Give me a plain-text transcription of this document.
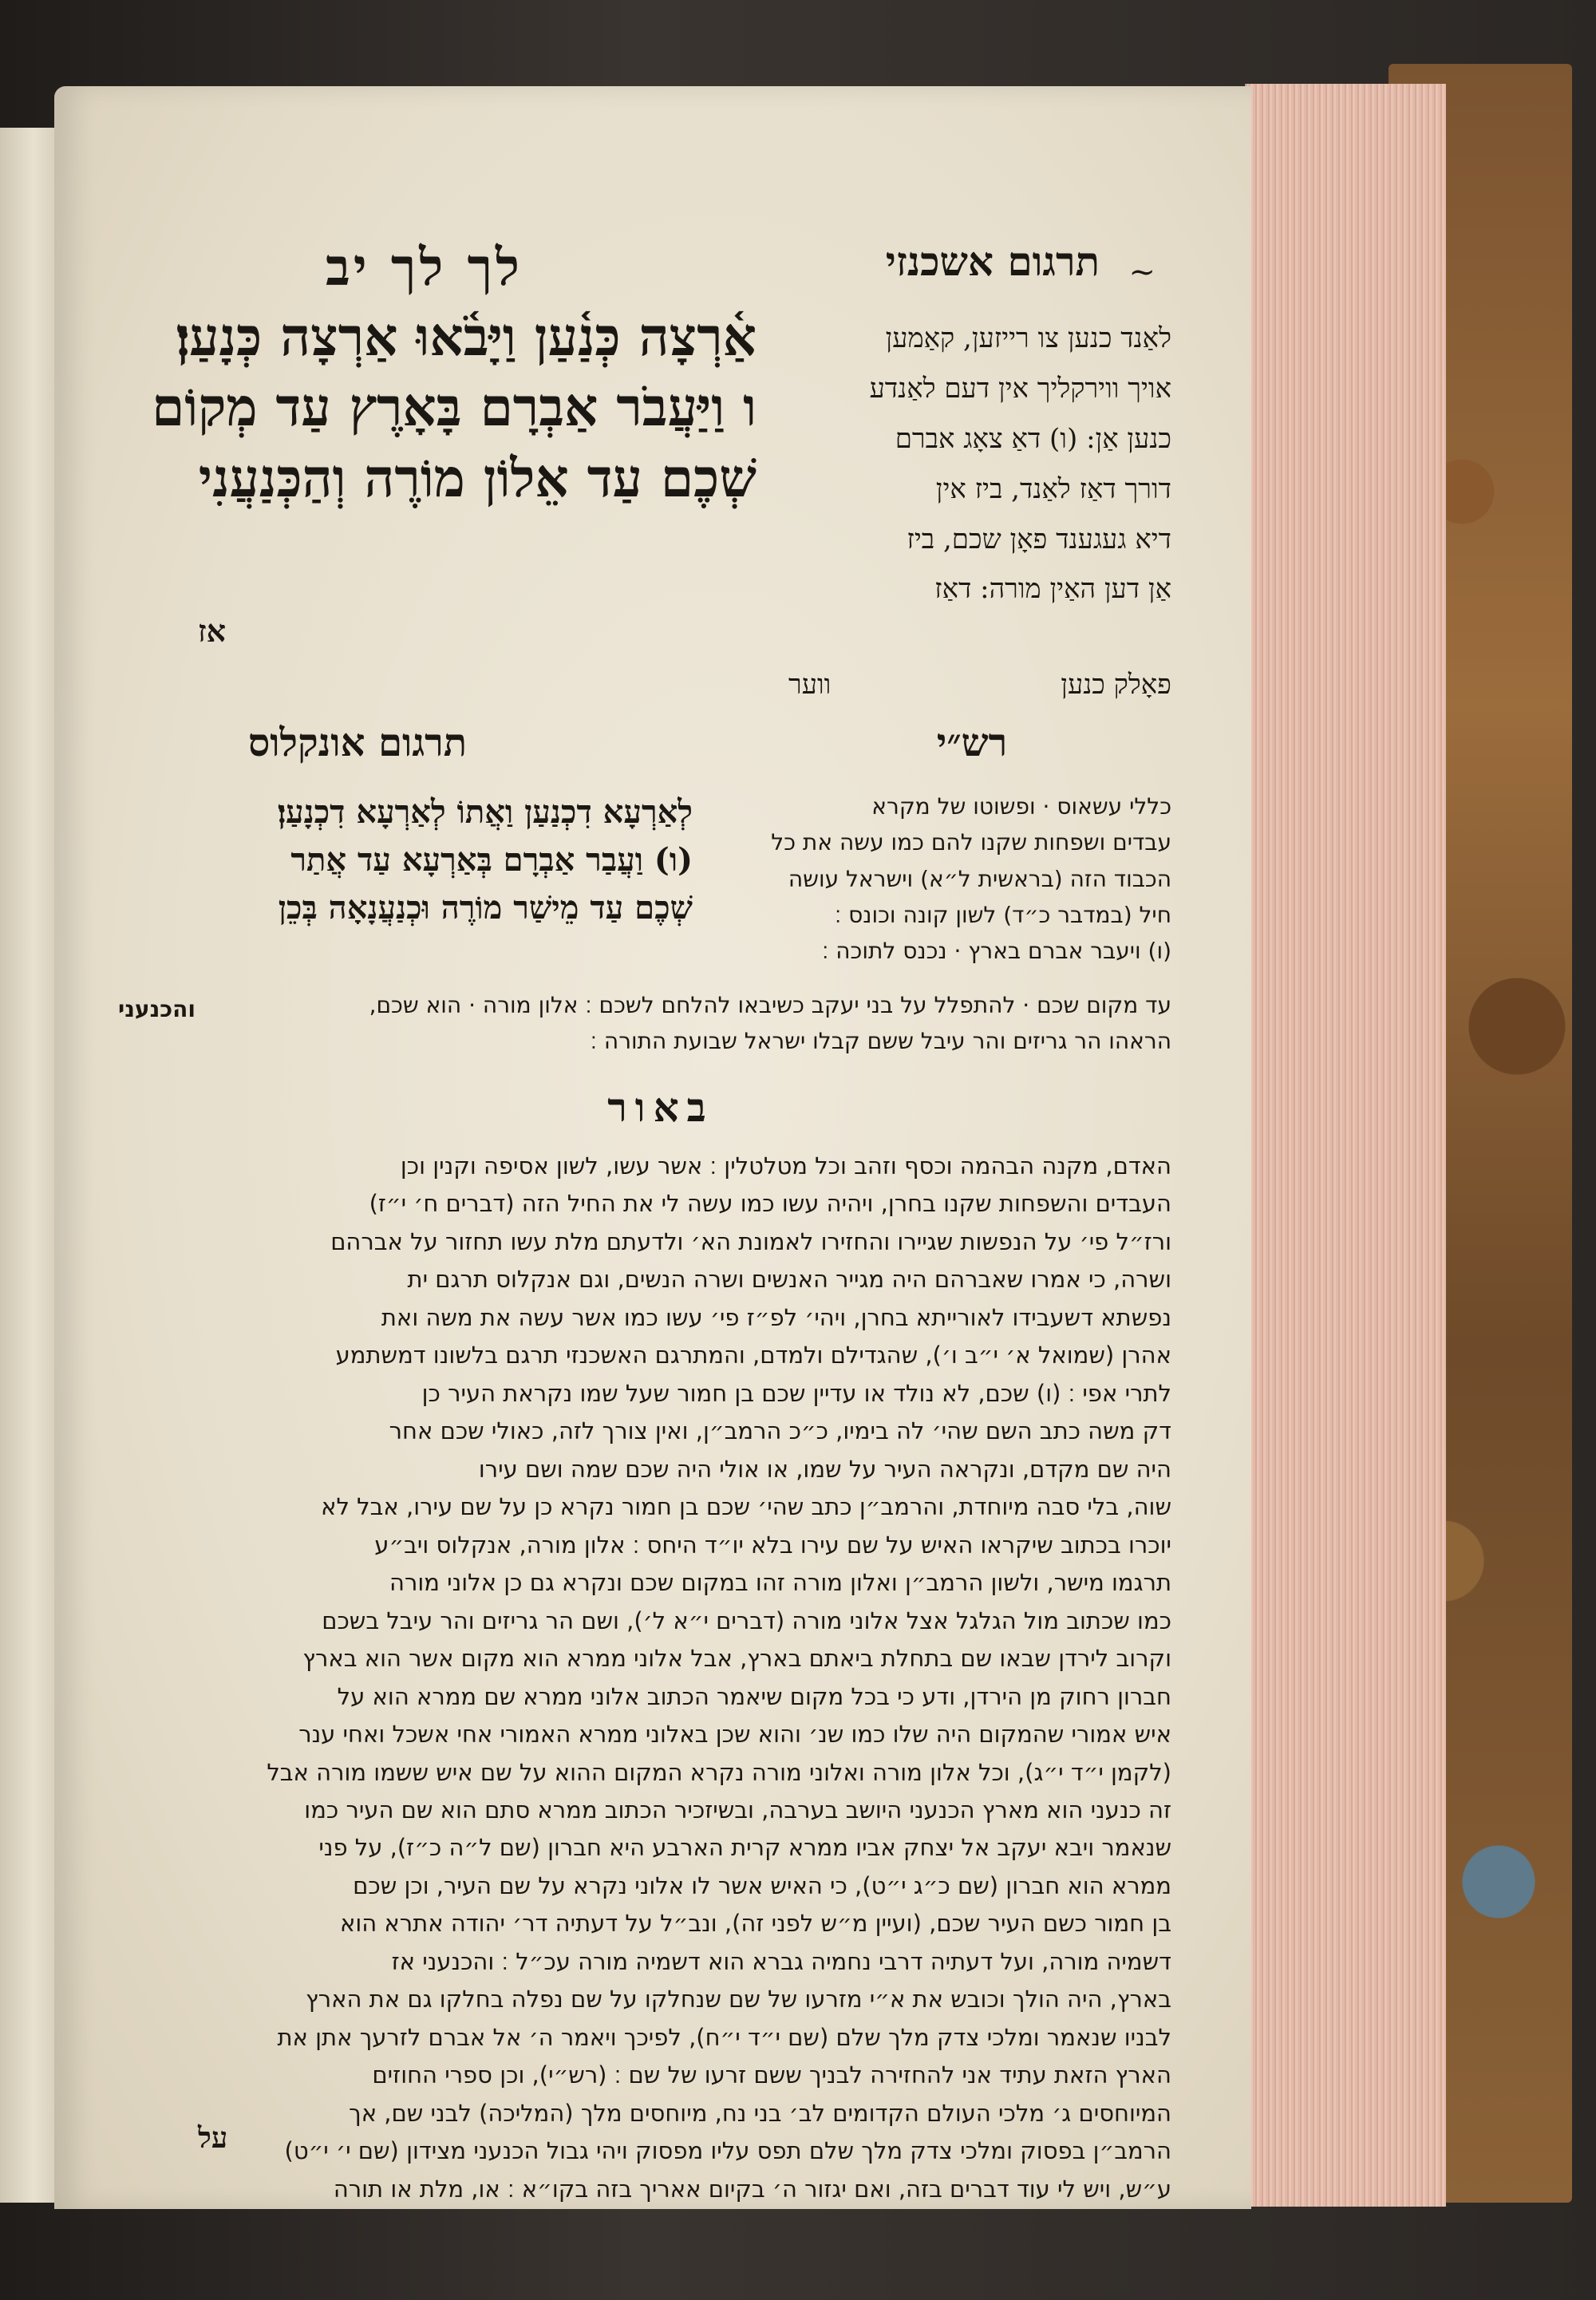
לך לך יב	תרגום אשכנזי ~
אַ֫רְצָה כְּנַ֫עַן וַיָּבֹ֫אוּ אַרְצָה כְּנָעַן׃
ו וַיַּעֲבֹר אַבְרָם בָּאָרֶץ עַד מְקוֹם
שְׁכֶם עַד אֵלוֹן מוֹרֶה וְהַכְּנַעֲנִי
אז
לאַנד כנען צו רייזען, קאַמען
אויך ווירקליך אין דעם לאַנדע
כנען אַן: (ו) דאַ צאָג אברם
דורך דאַז לאַנד, ביז אין
דיא געגענד פאָן שכם, ביז
אַן דען האַין מורה: דאַז
פאָלק כנען
ווער
רש״י
תרגום אונקלוס
כללי עשאוס · ופשוטו של מקרא
עבדים ושפחות שקנו להם כמו עשה את כל
הכבוד הזה (בראשית ל״א) וישראל עושה
חיל (במדבר כ״ד) לשון קונה וכונס ׃
(ו) ויעבר אברם בארץ · נכנס לתוכה ׃
לְאַרְעָא דִכְנַעַן וַאֲתוֹ לְאַרְעָא דִכְנָעַן׃
(ו) וַעֲבַר אַבְרָם בְּאַרְעָא עַד אֲתַר
שְׁכֶם עַד מֵישַׁר מוֹרֶה וּכְנַעֲנָאָה בְּכֵן
עד מקום שכם · להתפלל על בני יעקב כשיבאו להלחם לשכם ׃ אלון מורה · הוא שכם,
הראהו הר גריזים והר עיבל ששם קבלו ישראל שבועת התורה ׃
והכנעני
באור
האדם, מקנה הבהמה וכסף וזהב וכל מטלטלין ׃ אשר עשו, לשון אסיפה וקנין וכן
העבדים והשפחות שקנו בחרן, ויהיה עשו כמו עשה לי את החיל הזה (דברים ח׳ י״ז)
ורז״ל פי׳ על הנפשות שגיירו והחזירו לאמונת הא׳ ולדעתם מלת עשו תחזור על אברהם
ושרה, כי אמרו שאברהם היה מגייר האנשים ושרה הנשים, וגם אנקלוס תרגם ית
נפשתא דשעבידו לאורייתא בחרן, ויהי׳ לפ״ז פי׳ עשו כמו אשר עשה את משה ואת
אהרן (שמואל א׳ י״ב ו׳), שהגדילם ולמדם, והמתרגם האשכנזי תרגם בלשונו דמשתמע
לתרי אפי ׃ (ו) שכם, לא נולד או עדיין שכם בן חמור שעל שמו נקראת העיר כן
דק משה כתב השם שהי׳ לה בימיו, כ״כ הרמב״ן, ואין צורך לזה, כאולי שכם אחר
היה שם מקדם, ונקראה העיר על שמו, או אולי היה שכם שמה ושם עירו
שוה, בלי סבה מיוחדת, והרמב״ן כתב שהי׳ שכם בן חמור נקרא כן על שם עירו, אבל לא
יוכרו בכתוב שיקראו האיש על שם עירו בלא יו״ד היחס ׃ אלון מורה, אנקלוס ויב״ע
תרגמו מישר, ולשון הרמב״ן ואלון מורה זהו במקום שכם ונקרא גם כן אלוני מורה
כמו שכתוב מול הגלגל אצל אלוני מורה (דברים י״א ל׳), ושם הר גריזים והר עיבל בשכם
וקרוב לירדן שבאו שם בתחלת ביאתם בארץ, אבל אלוני ממרא הוא מקום אשר הוא בארץ
חברון רחוק מן הירדן, ודע כי בכל מקום שיאמר הכתוב אלוני ממרא שם ממרא הוא על
איש אמורי שהמקום היה שלו כמו שנ׳ והוא שכן באלוני ממרא האמורי אחי אשכל ואחי ענר
(לקמן י״ד י״ג), וכל אלון מורה ואלוני מורה נקרא המקום ההוא על שם איש ששמו מורה אבל
זה כנעני הוא מארץ הכנעני היושב בערבה, ובשיזכיר הכתוב ממרא סתם הוא שם העיר כמו
שנאמר ויבא יעקב אל יצחק אביו ממרא קרית הארבע היא חברון (שם ל״ה כ״ז), על פני
ממרא הוא חברון (שם כ״ג י״ט), כי האיש אשר לו אלוני נקרא על שם העיר, וכן שכם
בן חמור כשם העיר שכם, (ועיין מ״ש לפני זה), ונב״ל על דעתיה דר׳ יהודה אתרא הוא
דשמיה מורה, ועל דעתיה דרבי נחמיה גברא הוא דשמיה מורה עכ״ל ׃ והכנעני אז
בארץ, היה הולך וכובש את א״י מזרעו של שם שנחלקו על שם נפלה בחלקו גם את הארץ
לבניו שנאמר ומלכי צדק מלך שלם (שם י״ד י״ח), לפיכך ויאמר ה׳ אל אברם לזרעך אתן את
הארץ הזאת עתיד אני להחזירה לבניך ששם זרעו של שם ׃ (רש״י), וכן ספרי החוזים
המיוחסים ג׳ מלכי העולם הקדומים לב׳ בני נח, מיוחסים מלך (המליכה) לבני שם, אך
הרמב״ן בפסוק ומלכי צדק מלך שלם תפס עליו מפסוק ויהי גבול הכנעני מצידון (שם י׳ י״ט)
ע״ש, ויש לי עוד דברים בזה, ואם יגזור ה׳ בקיום אאריך בזה בקו״א ׃ או, מלת או תורה
על
